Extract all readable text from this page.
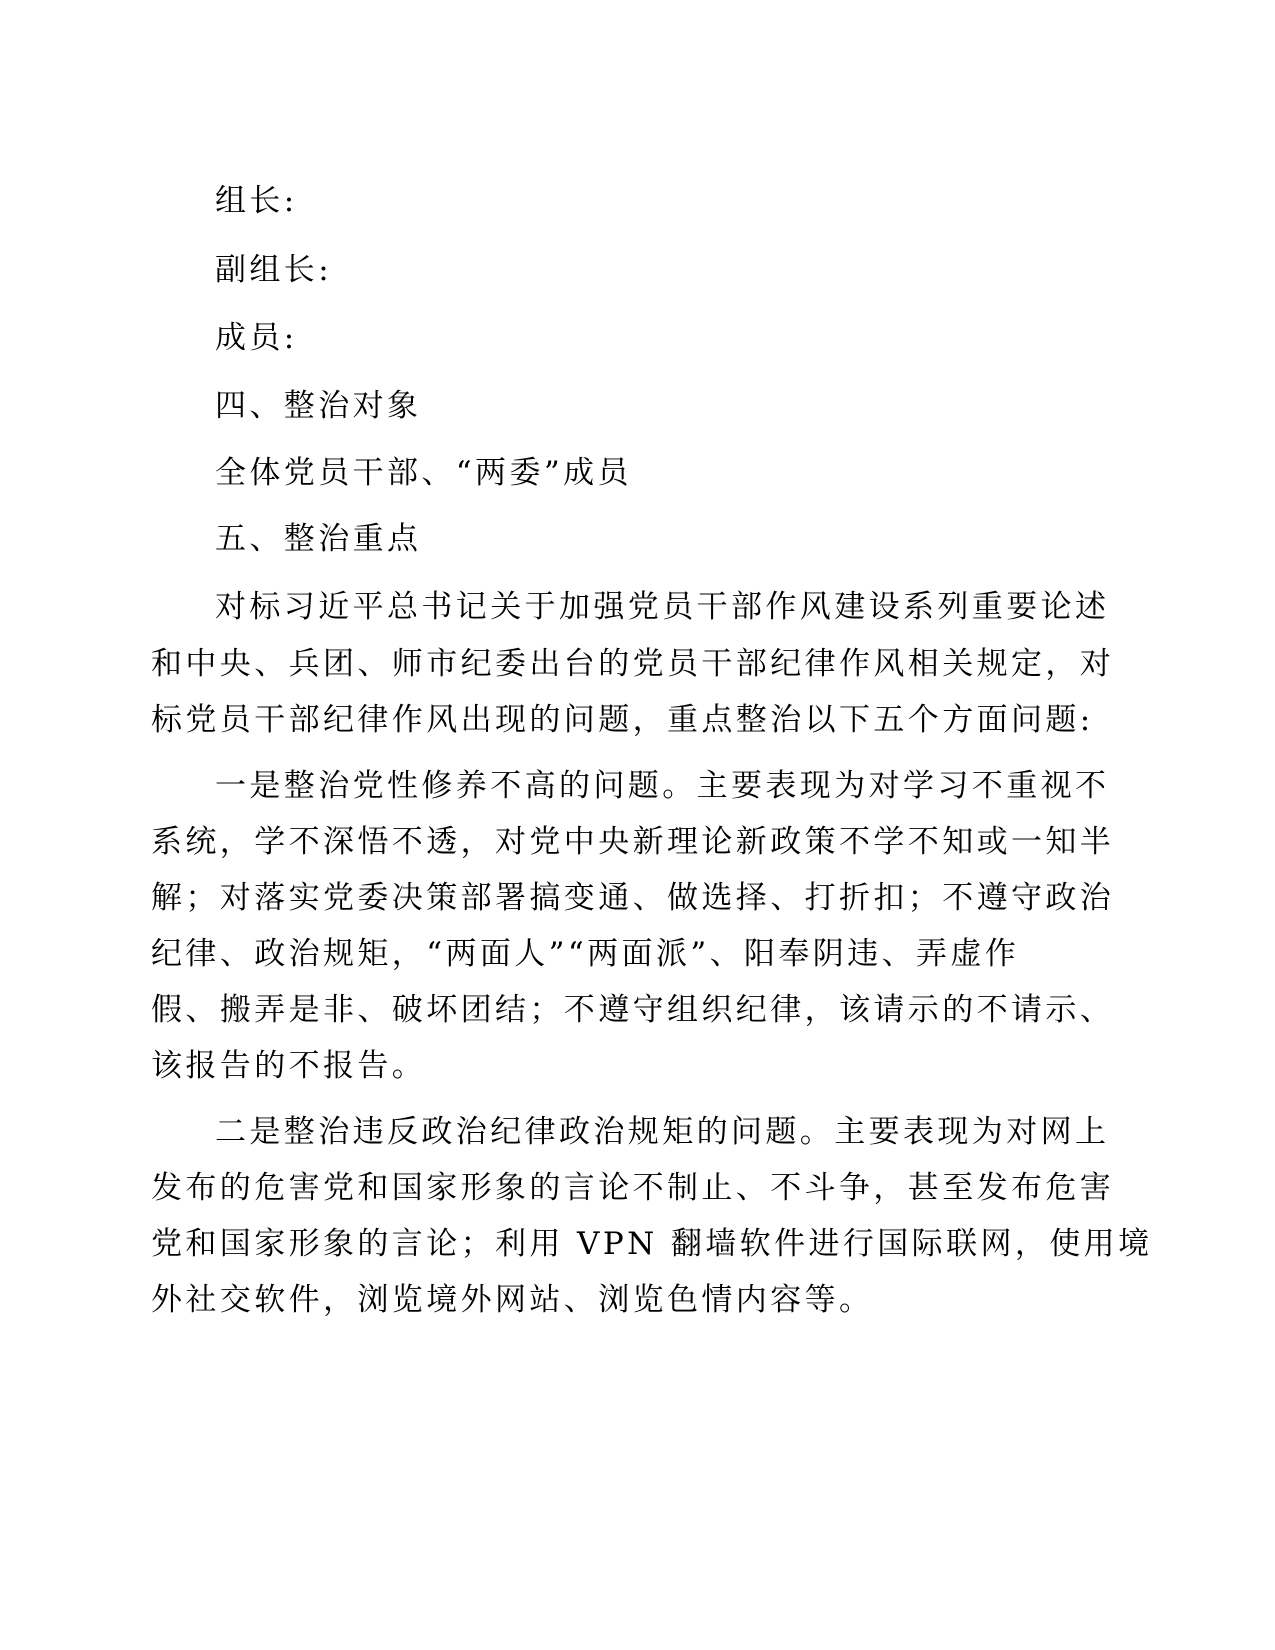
组长:
副组长:
成员:
四、整治对象
全体党员干部、“两委”成员
五、整治重点
对标习近平总书记关于加强党员干部作风建设系列重要论述
和中央、兵团、师市纪委出台的党员干部纪律作风相关规定，对
标党员干部纪律作风出现的问题，重点整治以下五个方面问题:
一是整治党性修养不高的问题。主要表现为对学习不重视不
系统，学不深悟不透，对党中央新理论新政策不学不知或一知半
解；对落实党委决策部署搞变通、做选择、打折扣；不遵守政治
纪律、政治规矩，“两面人”“两面派”、阳奉阴违、弄虚作
假、搬弄是非、破坏团结；不遵守组织纪律，该请示的不请示、
该报告的不报告。
二是整治违反政治纪律政治规矩的问题。主要表现为对网上
发布的危害党和国家形象的言论不制止、不斗争，甚至发布危害
党和国家形象的言论；利用 VPN 翻墙软件进行国际联网，使用境
外社交软件，浏览境外网站、浏览色情内容等。
